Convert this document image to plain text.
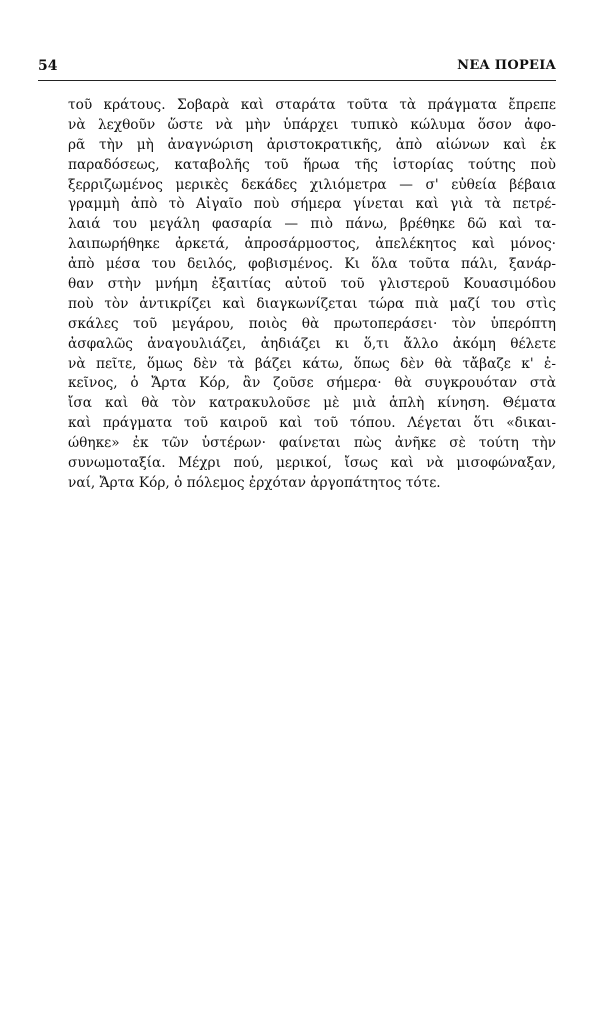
54	ΝΕΑ ΠΟΡΕΙΑ
τοῦ κράτους. Σοβαρὰ καὶ σταράτα τοῦτα τὰ πράγματα ἔπρεπε
νὰ λεχθοῦν ὥστε νὰ μὴν ὑπάρχει τυπικὸ κώλυμα ὅσον ἀφο-
ρᾶ τὴν μὴ ἀναγνώριση ἀριστοκρατικῆς, ἀπὸ αἰώνων καὶ ἐκ
παραδόσεως, καταβολῆς τοῦ ἥρωα τῆς ἱστορίας τούτης ποὺ
ξερριζωμένος μερικὲς δεκάδες χιλιόμετρα — σ' εὐθεία βέβαια
γραμμὴ ἀπὸ τὸ Αἰγαῖο ποὺ σήμερα γίνεται καὶ γιὰ τὰ πετρέ-
λαιά του μεγάλη φασαρία — πιὸ πάνω, βρέθηκε δῶ καὶ τα-
λαιπωρήθηκε ἀρκετά, ἀπροσάρμοστος, ἀπελέκητος καὶ μόνος·
ἀπὸ μέσα του δειλός, φοβισμένος. Κι ὅλα τοῦτα πάλι, ξανάρ-
θαν στὴν μνήμη ἐξαιτίας αὐτοῦ τοῦ γλιστεροῦ Κουασιμόδου
ποὺ τὸν ἀντικρίζει καὶ διαγκωνίζεται τώρα πιὰ μαζί του στὶς
σκάλες τοῦ μεγάρου, ποιὸς θὰ πρωτοπεράσει· τὸν ὑπερόπτη
ἀσφαλῶς ἀναγουλιάζει, ἀηδιάζει κι ὅ,τι ἄλλο ἀκόμη θέλετε
νὰ πεῖτε, ὅμως δὲν τὰ βάζει κάτω, ὅπως δὲν θὰ τἄβαζε κ' ἐ-
κεῖνος, ὁ Ἄρτα Κόρ, ἂν ζοῦσε σήμερα· θὰ συγκρουόταν στὰ
ἴσα καὶ θὰ τὸν κατρακυλοῦσε μὲ μιὰ ἁπλὴ κίνηση. Θέματα
καὶ πράγματα τοῦ καιροῦ καὶ τοῦ τόπου. Λέγεται ὅτι «δικαι-
ώθηκε» ἐκ τῶν ὑστέρων· φαίνεται πὼς ἀνῆκε σὲ τούτη τὴν
συνωμοταξία. Μέχρι πού, μερικοί, ἴσως καὶ νὰ μισοφώναξαν,
ναί, Ἄρτα Κόρ, ὁ πόλεμος ἐρχόταν ἀργοπάτητος τότε.
